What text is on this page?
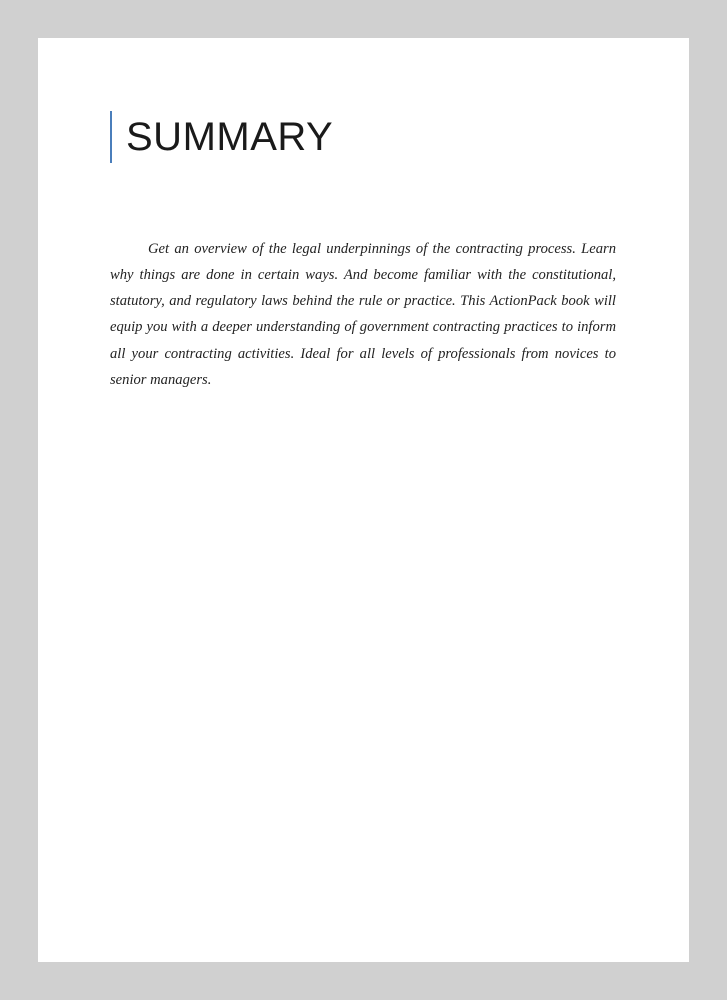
SUMMARY

Get an overview of the legal underpinnings of the contracting process. Learn why things are done in certain ways. And become familiar with the constitutional, statutory, and regulatory laws behind the rule or practice. This ActionPack book will equip you with a deeper understanding of government contracting practices to inform all your contracting activities. Ideal for all levels of professionals from novices to senior managers.
